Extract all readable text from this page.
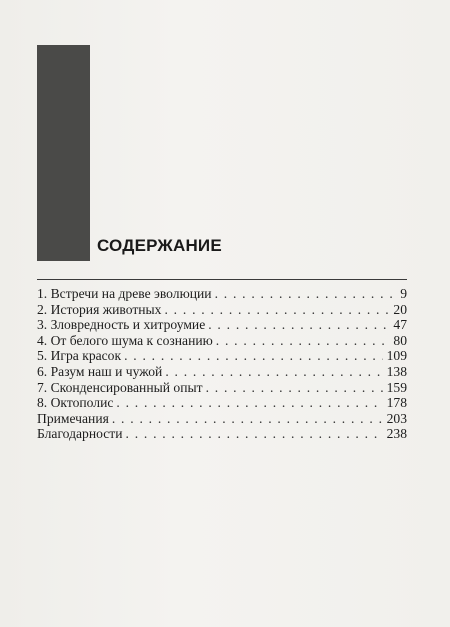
СОДЕРЖАНИЕ
1. Встречи на древе эволюции . . .	9
2. История животных . . .	20
3. Зловредность и хитроумие . . .	47
4. От белого шума к сознанию . . .	80
5. Игра красок . . .	109
6. Разум наш и чужой . . .	138
7. Сконденсированный опыт . . .	159
8. Октополис . . .	178
Примечания . . .	203
Благодарности . . .	238
